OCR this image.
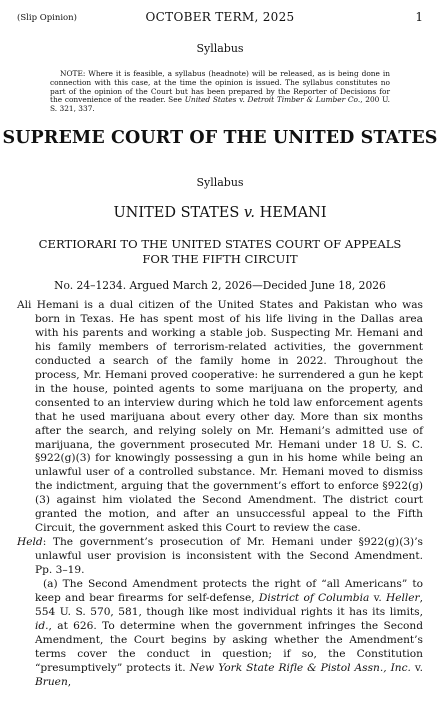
(Slip Opinion)	OCTOBER TERM, 2025	1
Syllabus

NOTE: Where it is feasible, a syllabus (headnote) will be released, as is being done in connection with this case, at the time the opinion is issued. The syllabus constitutes no part of the opinion of the Court but has been prepared by the Reporter of Decisions for the convenience of the reader. See United States v. Detroit Timber & Lumber Co., 200 U. S. 321, 337.

SUPREME COURT OF THE UNITED STATES
Syllabus
UNITED STATES v. HEMANI
CERTIORARI TO THE UNITED STATES COURT OF APPEALS FOR THE FIFTH CIRCUIT
No. 24–1234. Argued March 2, 2026—Decided June 18, 2026

Ali Hemani is a dual citizen of the United States and Pakistan who was born in Texas. He has spent most of his life living in the Dallas area with his parents and working a stable job. Suspecting Mr. Hemani and his family members of terrorism-related activities, the government conducted a search of the family home in 2022. Throughout the process, Mr. Hemani proved cooperative: he surrendered a gun he kept in the house, pointed agents to some marijuana on the property, and consented to an interview during which he told law enforcement agents that he used marijuana about every other day. More than six months after the search, and relying solely on Mr. Hemani’s admitted use of marijuana, the government prosecuted Mr. Hemani under 18 U. S. C. §922(g)(3) for knowingly possessing a gun in his home while being an unlawful user of a controlled substance. Mr. Hemani moved to dismiss the indictment, arguing that the government’s effort to enforce §922(g)(3) against him violated the Second Amendment. The district court granted the motion, and after an unsuccessful appeal to the Fifth Circuit, the government asked this Court to review the case.

Held: The government’s prosecution of Mr. Hemani under §922(g)(3)’s unlawful user provision is inconsistent with the Second Amendment. Pp. 3–19.

(a) The Second Amendment protects the right of “all Americans” to keep and bear firearms for self-defense, District of Columbia v. Heller, 554 U. S. 570, 581, though like most individual rights it has its limits, id., at 626. To determine when the government infringes the Second Amendment, the Court begins by asking whether the Amendment’s terms cover the conduct in question; if so, the Constitution “presumptively” protects it. New York State Rifle & Pistol Assn., Inc. v. Bruen,
